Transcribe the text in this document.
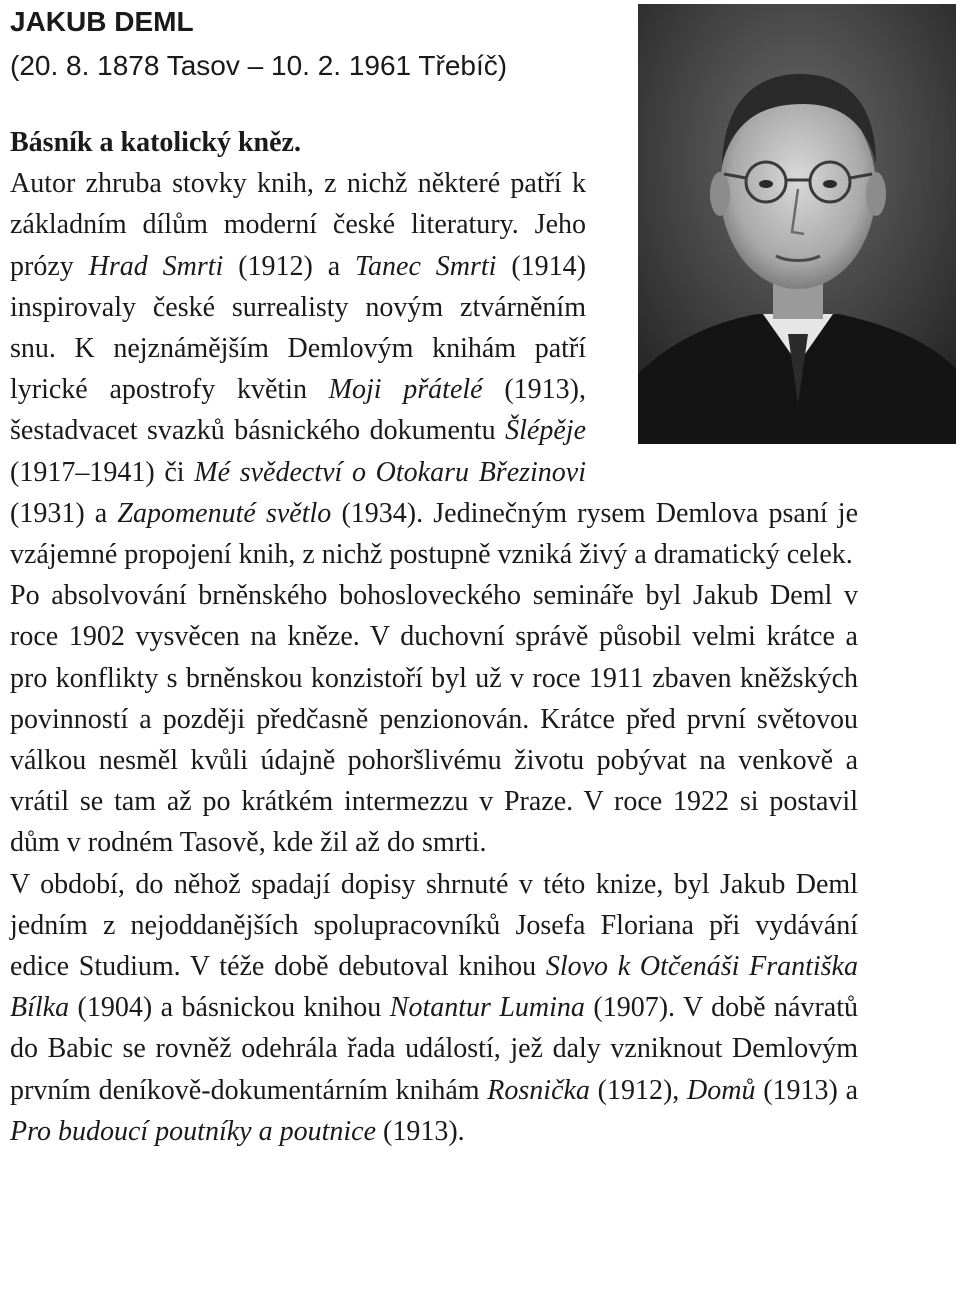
JAKUB DEML
(20. 8. 1878 Tasov – 10. 2. 1961 Třebíč)

Básník a katolický kněz.
Autor zhruba stovky knih, z nichž některé patří k základním dílům moderní české literatury. Jeho prózy Hrad Smrti (1912) a Tanec Smrti (1914) inspirovaly české surrealisty novým ztvárněním snu. K nejznámějším Demlovým knihám patří lyrické apostrofy květin Moji přátelé (1913), šestadvacet svazků básnického dokumentu Šlépěje (1917–1941) či Mé svědectví o Otokaru Březinovi (1931) a Zapomenuté světlo (1934). Jedinečným rysem Demlova psaní je vzájemné propojení knih, z nichž postupně vzniká živý a dramatický celek.

Po absolvování brněnského bohosloveckého semináře byl Jakub Deml v roce 1902 vysvěcen na kněze. V duchovní správě působil velmi krátce a pro konflikty s brněnskou konzistoří byl už v roce 1911 zbaven kněžských povinností a později předčasně penzionován. Krátce před první světovou válkou nesměl kvůli údajně pohoršlivému životu pobývat na venkově a vrátil se tam až po krátkém intermezzu v Praze. V roce 1922 si postavil dům v rodném Tasově, kde žil až do smrti.

V období, do něhož spadají dopisy shrnuté v této knize, byl Jakub Deml jedním z nejoddanějších spolupracovníků Josefa Floriana při vydávání edice Studium. V téže době debutoval knihou Slovo k Otčenáši Františka Bílka (1904) a básnickou knihou Notantur Lumina (1907). V době návratů do Babic se rovněž odehrála řada událostí, jež daly vzniknout Demlovým prvním deníkově-dokumentárním knihám Rosnička (1912), Domů (1913) a Pro budoucí poutníky a poutnice (1913).
